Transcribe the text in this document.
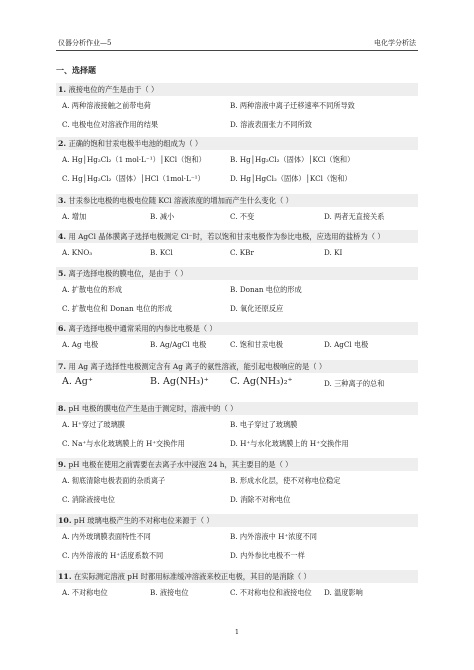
仪器分析作业—5	电化学分析法
一、选择题
1. 液接电位的产生是由于（ ）
A. 两种溶液接触之前带电荷	B. 两种溶液中离子迁移速率不同所导致
C. 电极电位对溶液作用的结果	D. 溶液表面张力不同所致
2. 正确的饱和甘汞电极半电池的组成为（ ）
A. Hg│Hg₂Cl₂（1 mol·L⁻¹）│KCl（饱和）	B. Hg│Hg₂Cl₂（固体）│KCl（饱和）
C. Hg│Hg₂Cl₂（固体）│HCl（1mol·L⁻¹）	D. Hg│HgCl₂（固体）│KCl（饱和）
3. 甘汞参比电极的电极电位随 KCl 溶液浓度的增加而产生什么变化（ ）
A. 增加	B. 减小	C. 不变	D. 两者无直接关系
4. 用 AgCl 晶体膜离子选择电极测定 Cl⁻时，若以饱和甘汞电极作为参比电极，应选用的盐桥为（ ）
A. KNO₃	B. KCl	C. KBr	D. KI
5. 离子选择电极的膜电位，是由于（ ）
A. 扩散电位的形成	B. Donan 电位的形成
C. 扩散电位和 Donan 电位的形成	D. 氧化还原反应
6. 离子选择电极中通常采用的内参比电极是（ ）
A. Ag 电极	B. Ag/AgCl 电极	C. 饱和甘汞电极	D. AgCl 电极
7. 用 Ag 离子选择性电极测定含有 Ag 离子的氨性溶液，能引起电极响应的是（ ）
A. Ag⁺	B. Ag(NH₃)⁺ C. Ag(NH₃)₂⁺	D. 三种离子的总和
8. pH 电极的膜电位产生是由于测定时，溶液中的（ ）
A. H⁺穿过了玻璃膜	B. 电子穿过了玻璃膜
C. Na⁺与水化玻璃膜上的 H⁺交换作用	D. H⁺与水化玻璃膜上的 H⁺交换作用
9. pH 电极在使用之前需要在去离子水中浸泡 24 h，其主要目的是（ ）
A. 彻底清除电极表面的杂质离子	B. 形成水化层，使不对称电位稳定
C. 消除液接电位	D. 消除不对称电位
10. pH 玻璃电极产生的不对称电位来源于（ ）
A. 内外玻璃膜表面特性不同	B. 内外溶液中 H⁺浓度不同
C. 内外溶液的 H⁺活度系数不同	D. 内外参比电极不一样
11. 在实际测定溶液 pH 时都用标准缓冲溶液来校正电极，其目的是消除（ ）
A. 不对称电位	B. 液接电位	C. 不对称电位和液接电位 D. 温度影响
1
